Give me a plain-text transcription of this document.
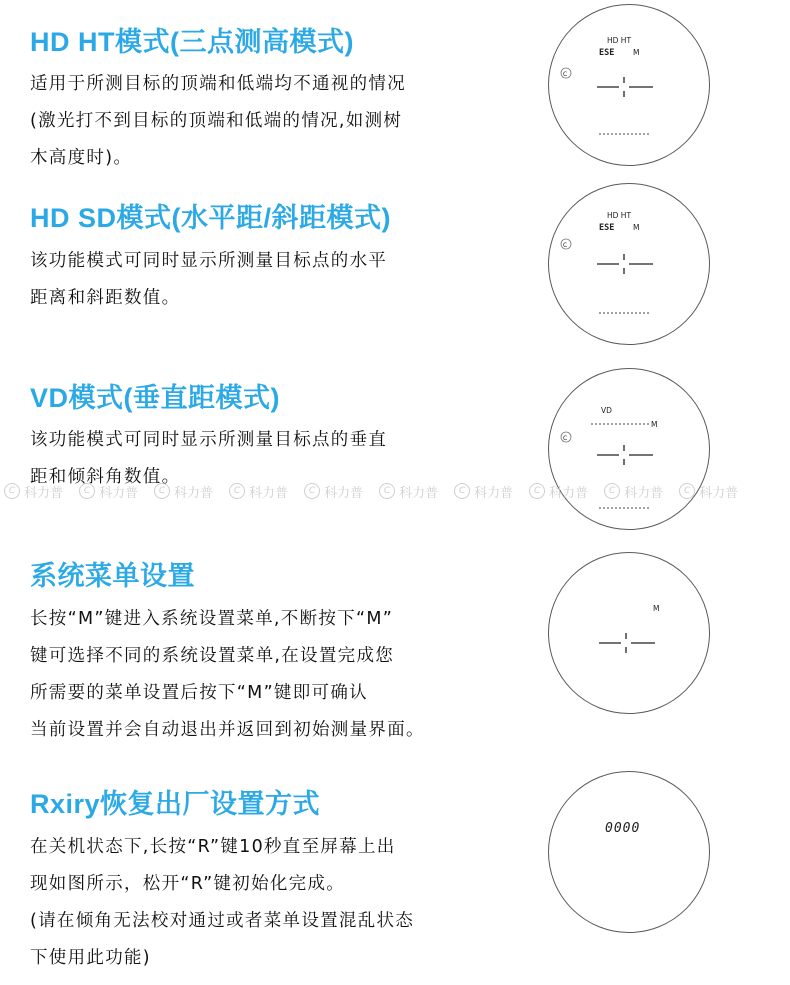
HD HT模式(三点测高模式)
适用于所测目标的顶端和低端均不通视的情况
(激光打不到目标的顶端和低端的情况,如测树
木高度时)。
HD HT
ESE M
C
HD SD模式(水平距/斜距模式)
该功能模式可同时显示所测量目标点的水平
距离和斜距数值。
HD HT
ESE M
C
VD模式(垂直距模式)
该功能模式可同时显示所测量目标点的垂直
距和倾斜角数值。
VD
M
C
C 科力普	C 科力普	C 科力普	C 科力普	C 科力普	C 科力普	C 科力普	C 科力普	C 科力普	C 科力普
系统菜单设置
长按“M”键进入系统设置菜单,不断按下“M”
键可选择不同的系统设置菜单,在设置完成您
所需要的菜单设置后按下“M”键即可确认
当前设置并会自动退出并返回到初始测量界面。
M
Rxiry恢复出厂设置方式
在关机状态下,长按“R”键10秒直至屏幕上出
现如图所示，松开“R”键初始化完成。
(请在倾角无法校对通过或者菜单设置混乱状态
下使用此功能)
0000
